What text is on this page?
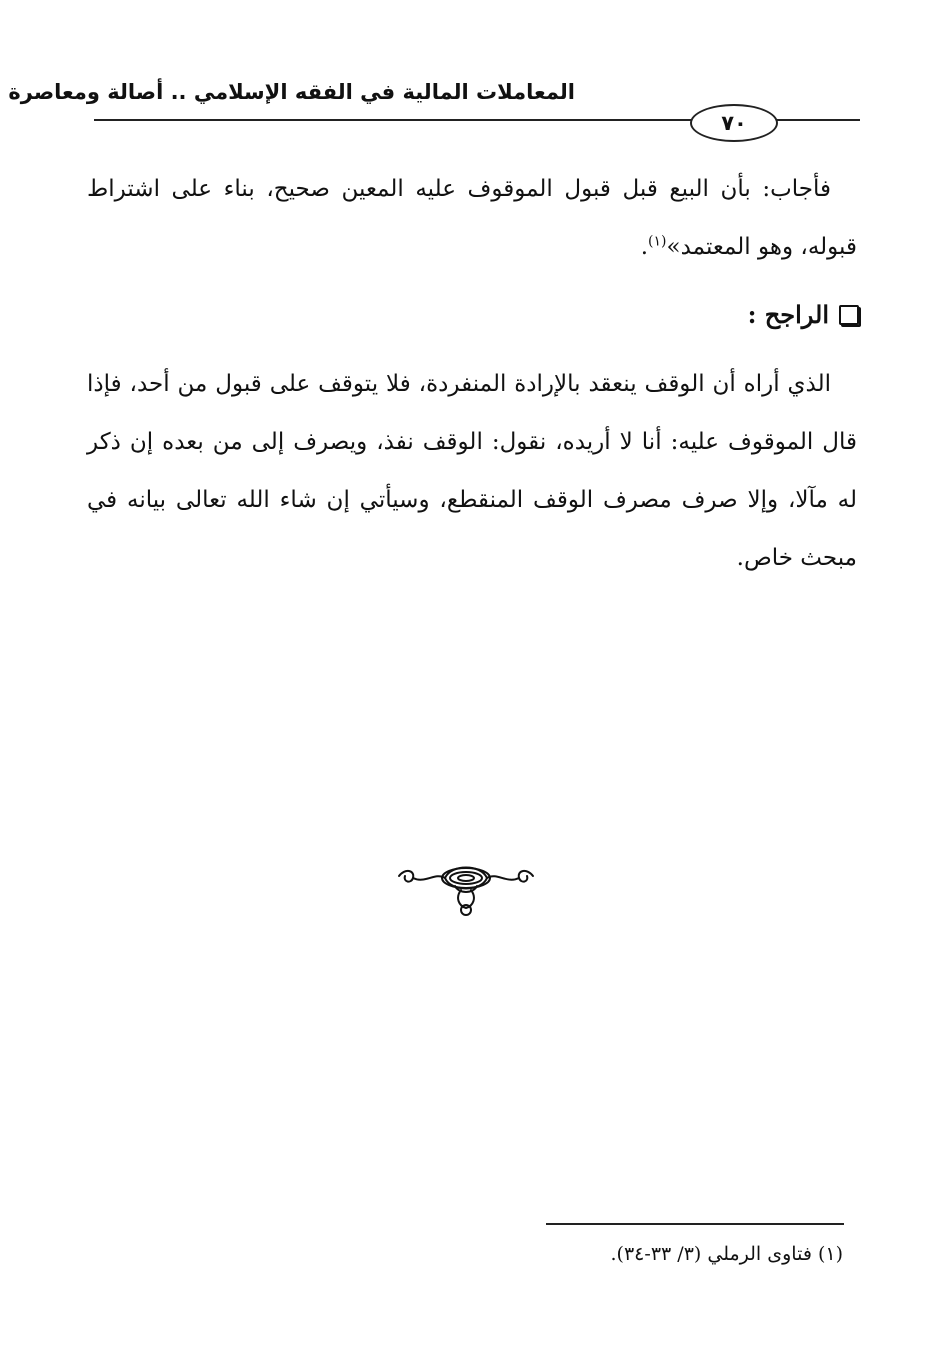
المعاملات المالية في الفقه الإسلامي .. أصالة ومعاصرة
٧٠
فأجاب: بأن البيع قبل قبول الموقوف عليه المعين صحيح، بناء على اشتراط قبوله، وهو المعتمد»$^{(١)}$.
الراجح :
الذي أراه أن الوقف ينعقد بالإرادة المنفردة، فلا يتوقف على قبول من أحد، فإذا قال الموقوف عليه: أنا لا أريده، نقول: الوقف نفذ، ويصرف إلى من بعده إن ذكر له مآلا، وإلا صرف مصرف الوقف المنقطع، وسيأتي إن شاء الله تعالى بيانه في مبحث خاص.
(١) فتاوى الرملي (٣/ ٣٣-٣٤).
